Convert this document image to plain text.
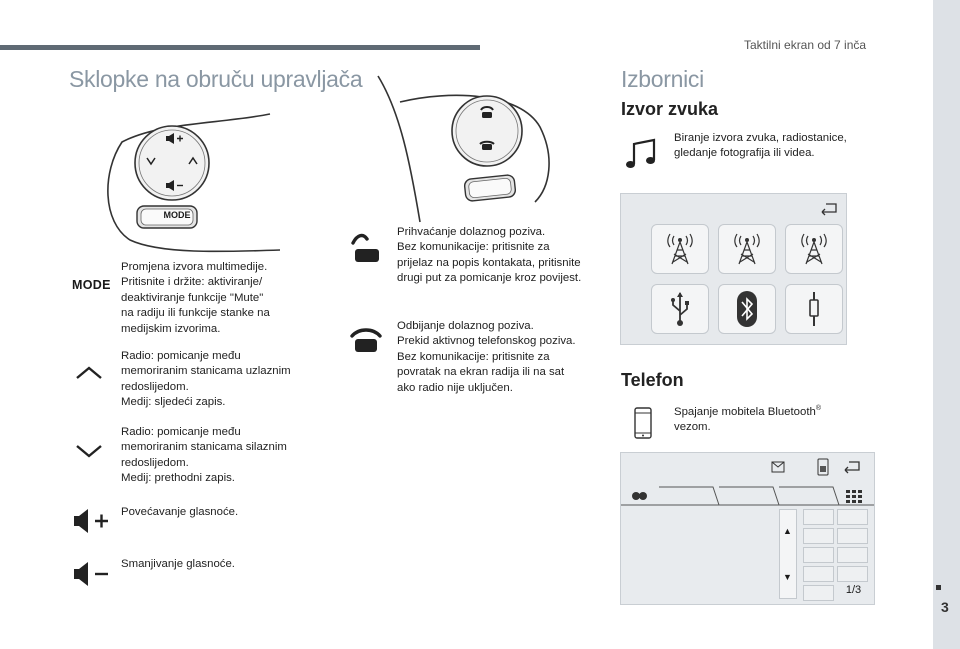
Taktilni ekran od 7 inča
3
Sklopke na obruču upravljača
MODE
MODE
Promjena izvora multimedije.
Pritisnite i držite: aktiviranje/
deaktiviranje funkcije "Mute"
na radiju ili funkcije stanke na
medijskim izvorima.
Radio: pomicanje među
memoriranim stanicama uzlaznim
redoslijedom.
Medij: sljedeći zapis.
Radio: pomicanje među
memoriranim stanicama silaznim
redoslijedom.
Medij: prethodni zapis.
Povećavanje glasnoće.
Smanjivanje glasnoće.
Prihvaćanje dolaznog poziva.
Bez komunikacije: pritisnite za
prijelaz na popis kontakata, pritisnite
drugi put za pomicanje kroz povijest.
Odbijanje dolaznog poziva.
Prekid aktivnog telefonskog poziva.
Bez komunikacije: pritisnite za
povratak na ekran radija ili na sat
ako radio nije uključen.
Izbornici
Izvor zvuka
Biranje izvora zvuka, radiostanice,
gledanje fotografija ili videa.
Telefon
Spajanje mobitela Bluetooth®
vezom.
▲
▼
1/3
